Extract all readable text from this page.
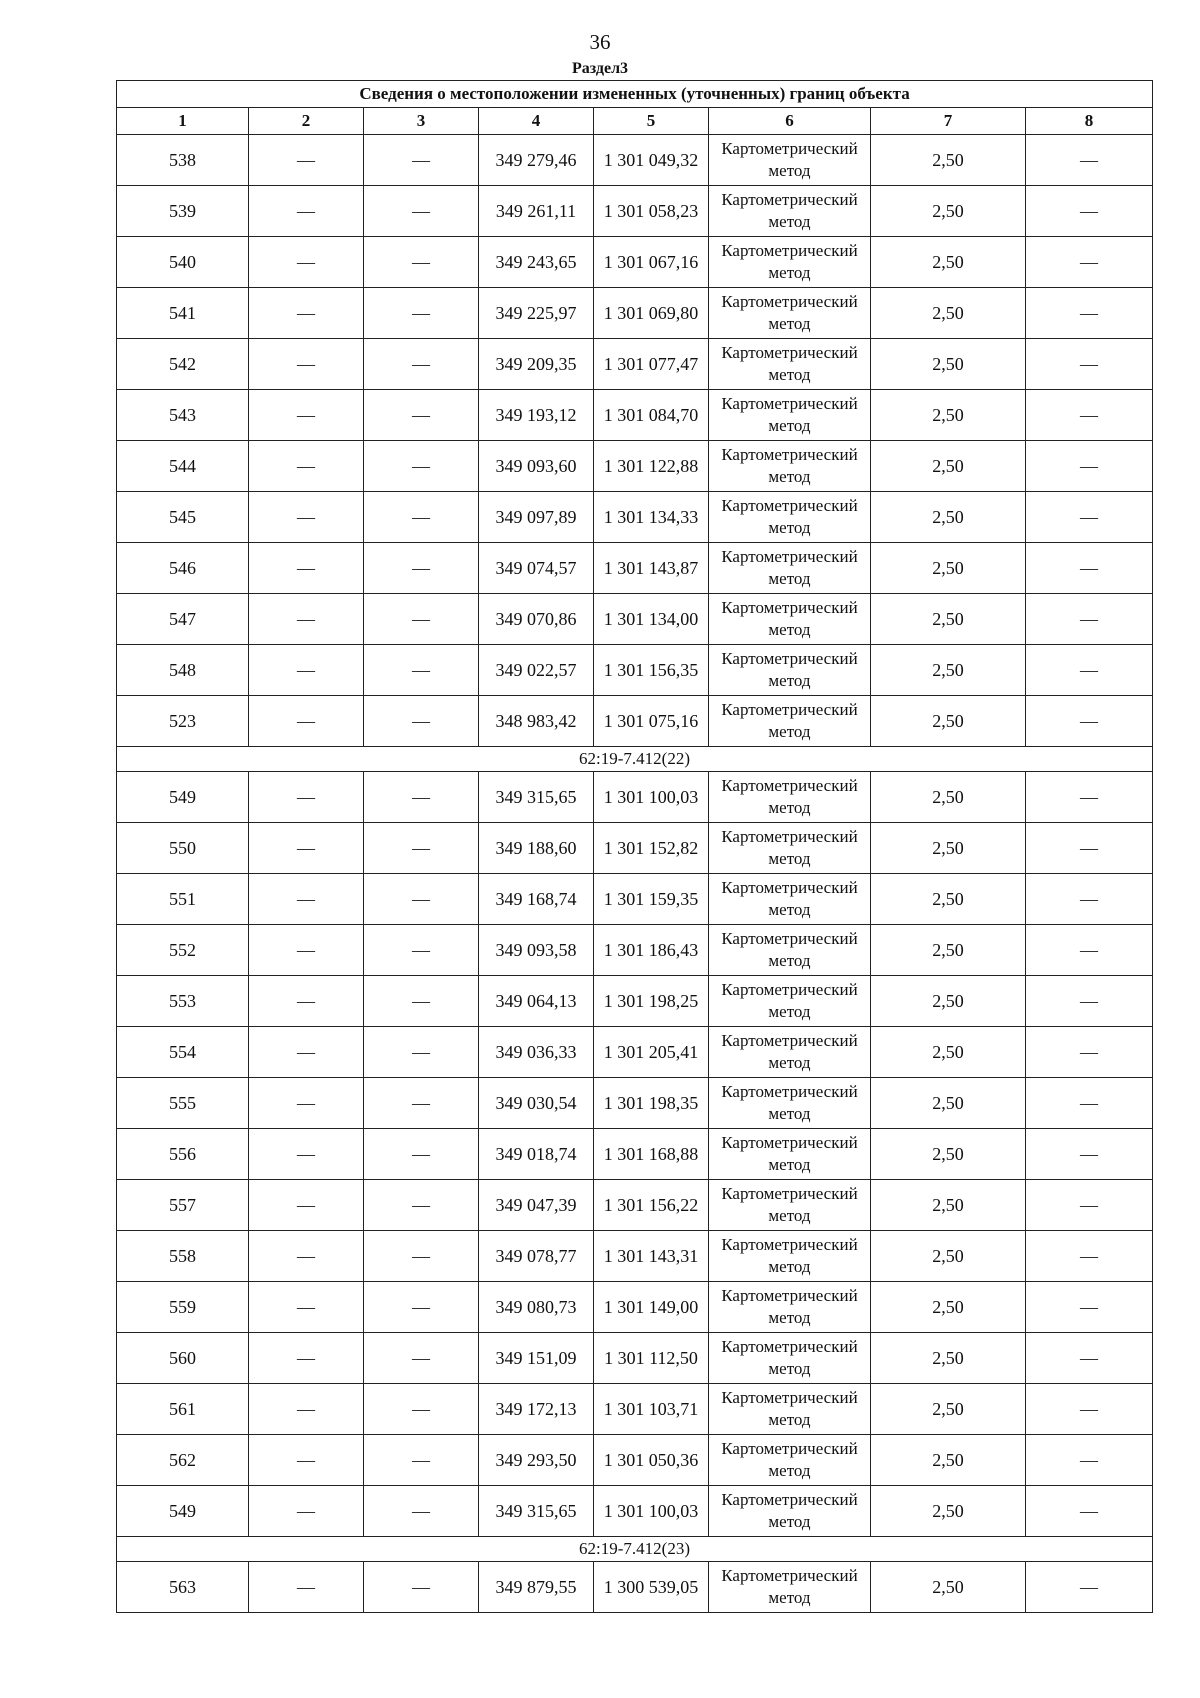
36
Раздел3
Сведения о местоположении измененных (уточненных) границ объекта							
1	2	3	4	5	6	7	8
538	—	—	349 279,46	1 301 049,32	Картометрический метод	2,50	—
539	—	—	349 261,11	1 301 058,23	Картометрический метод	2,50	—
540	—	—	349 243,65	1 301 067,16	Картометрический метод	2,50	—
541	—	—	349 225,97	1 301 069,80	Картометрический метод	2,50	—
542	—	—	349 209,35	1 301 077,47	Картометрический метод	2,50	—
543	—	—	349 193,12	1 301 084,70	Картометрический метод	2,50	—
544	—	—	349 093,60	1 301 122,88	Картометрический метод	2,50	—
545	—	—	349 097,89	1 301 134,33	Картометрический метод	2,50	—
546	—	—	349 074,57	1 301 143,87	Картометрический метод	2,50	—
547	—	—	349 070,86	1 301 134,00	Картометрический метод	2,50	—
548	—	—	349 022,57	1 301 156,35	Картометрический метод	2,50	—
523	—	—	348 983,42	1 301 075,16	Картометрический метод	2,50	—
62:19-7.412(22)							
549	—	—	349 315,65	1 301 100,03	Картометрический метод	2,50	—
550	—	—	349 188,60	1 301 152,82	Картометрический метод	2,50	—
551	—	—	349 168,74	1 301 159,35	Картометрический метод	2,50	—
552	—	—	349 093,58	1 301 186,43	Картометрический метод	2,50	—
553	—	—	349 064,13	1 301 198,25	Картометрический метод	2,50	—
554	—	—	349 036,33	1 301 205,41	Картометрический метод	2,50	—
555	—	—	349 030,54	1 301 198,35	Картометрический метод	2,50	—
556	—	—	349 018,74	1 301 168,88	Картометрический метод	2,50	—
557	—	—	349 047,39	1 301 156,22	Картометрический метод	2,50	—
558	—	—	349 078,77	1 301 143,31	Картометрический метод	2,50	—
559	—	—	349 080,73	1 301 149,00	Картометрический метод	2,50	—
560	—	—	349 151,09	1 301 112,50	Картометрический метод	2,50	—
561	—	—	349 172,13	1 301 103,71	Картометрический метод	2,50	—
562	—	—	349 293,50	1 301 050,36	Картометрический метод	2,50	—
549	—	—	349 315,65	1 301 100,03	Картометрический метод	2,50	—
62:19-7.412(23)							
563	—	—	349 879,55	1 300 539,05	Картометрический метод	2,50	—
